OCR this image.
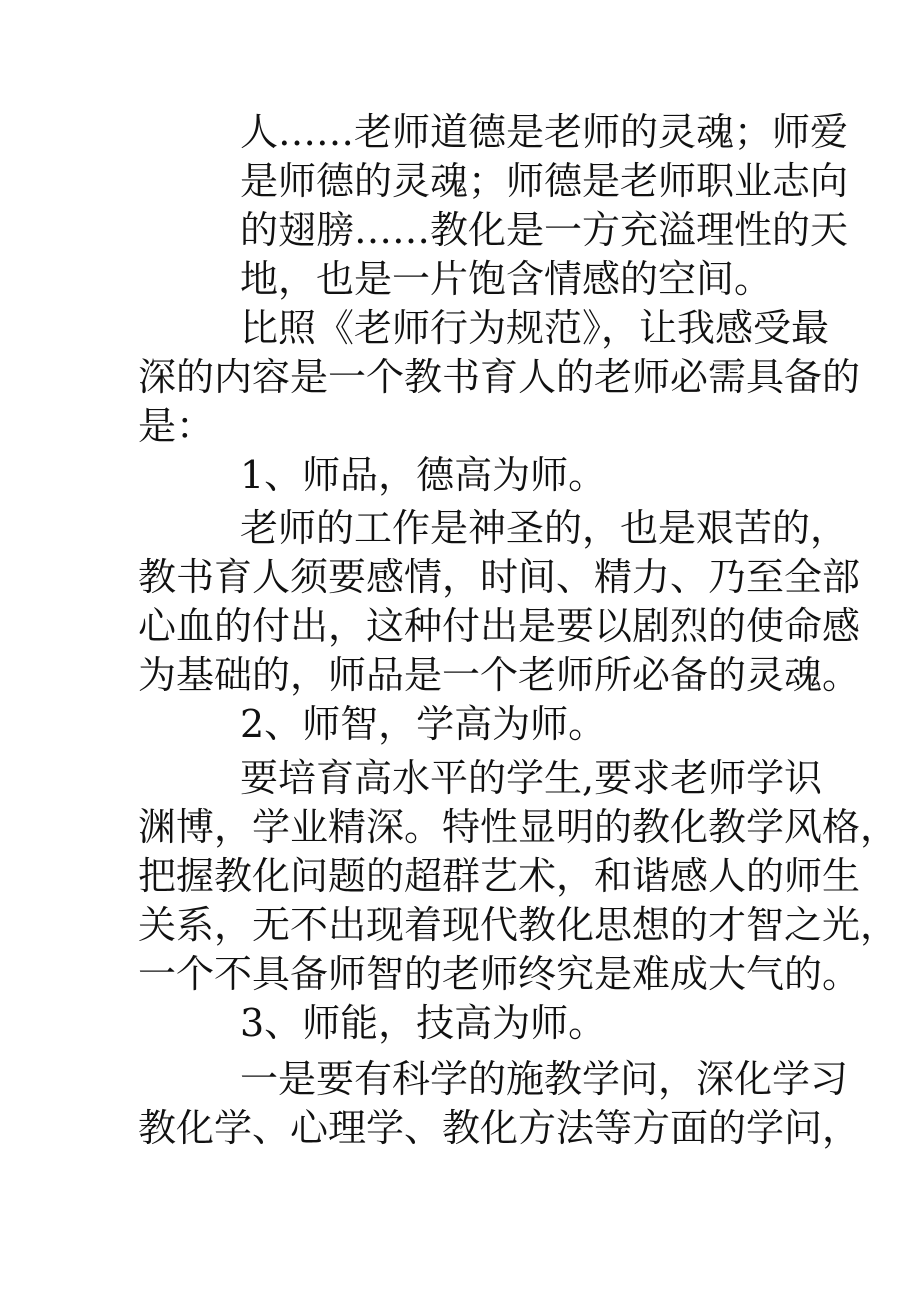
人……老师道德是老师的灵魂；师爱
是师德的灵魂；师德是老师职业志向
的翅膀……教化是一方充溢理性的天
地，也是一片饱含情感的空间。
比照《老师行为规范》，让我感受最
深的内容是一个教书育人的老师必需具备的
是：
1、师品，德高为师。
老师的工作是神圣的，也是艰苦的，
教书育人须要感情，时间、精力、乃至全部
心血的付出，这种付出是要以剧烈的使命感
为基础的，师品是一个老师所必备的灵魂。
2、师智，学高为师。
要培育高水平的学生,要求老师学识
渊博，学业精深。特性显明的教化教学风格，
把握教化问题的超群艺术，和谐感人的师生
关系，无不出现着现代教化思想的才智之光，
一个不具备师智的老师终究是难成大气的。
3、师能，技高为师。
一是要有科学的施教学问，深化学习
教化学、心理学、教化方法等方面的学问，
